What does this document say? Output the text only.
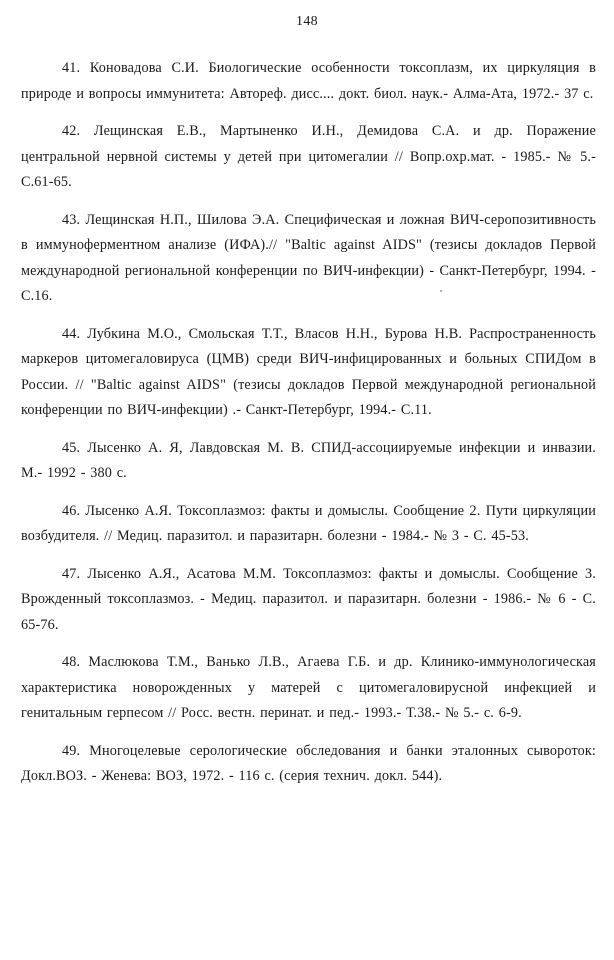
148

41. Коновадова С.И. Биологические особенности токсоплазм, их циркуляция в природе и вопросы иммунитета: Автореф. дисс.... докт. биол. наук.- Алма-Ата, 1972.- 37 с.

42. Лещинская Е.В., Мартыненко И.Н., Демидова С.А. и др. Поражение центральной нервной системы у детей при цитомегалии // Вопр.охр.мат. - 1985.- № 5.- С.61-65.

43. Лещинская Н.П., Шилова Э.А. Специфическая и ложная ВИЧ-серопозитивность в иммуноферментном анализе (ИФА).// "Baltic against AIDS" (тезисы докладов Первой международной региональной конференции по ВИЧ-инфекции) - Санкт-Петербург, 1994. - С.16.

44. Лубкина М.О., Смольская Т.Т., Власов Н.Н., Бурова Н.В. Распространенность маркеров цитомегаловируса (ЦМВ) среди ВИЧ-инфицированных и больных СПИДом в России. // "Baltic against AIDS" (тезисы докладов Первой международной региональной конференции по ВИЧ-инфекции) .- Санкт-Петербург, 1994.- С.11.

45. Лысенко А. Я, Лавдовская М. В. СПИД-ассоциируемые инфекции и инвазии. М.- 1992 - 380 с.

46. Лысенко А.Я. Токсоплазмоз: факты и домыслы. Сообщение 2. Пути циркуляции возбудителя. // Медиц. паразитол. и паразитарн. болезни - 1984.- № 3 - С. 45-53.

47. Лысенко А.Я., Асатова М.М. Токсоплазмоз: факты и домыслы. Сообщение 3. Врожденный токсоплазмоз. - Медиц. паразитол. и паразитарн. болезни - 1986.- № 6 - С. 65-76.

48. Маслюкова Т.М., Ванько Л.В., Агаева Г.Б. и др. Клинико-иммунологическая характеристика новорожденных у матерей с цитомегаловирусной инфекцией и генитальным герпесом // Росс. вестн. перинат. и пед.- 1993.- Т.38.- № 5.- с. 6-9.

49. Многоцелевые серологические обследования и банки эталонных сывороток: Докл.ВОЗ. - Женева: ВОЗ, 1972. - 116 с. (серия технич. докл. 544).
